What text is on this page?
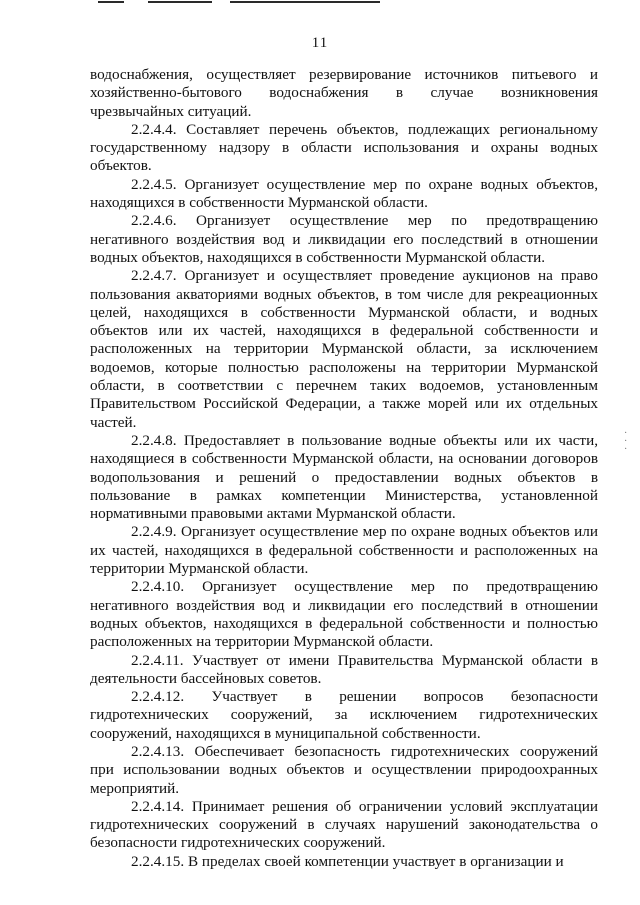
11

водоснабжения, осуществляет резервирование источников питьевого и хозяйственно-бытового водоснабжения в случае возникновения чрезвычайных ситуаций.

2.2.4.4. Составляет перечень объектов, подлежащих региональному государственному надзору в области использования и охраны водных объектов.

2.2.4.5. Организует осуществление мер по охране водных объектов, находящихся в собственности Мурманской области.

2.2.4.6. Организует осуществление мер по предотвращению негативного воздействия вод и ликвидации его последствий в отношении водных объектов, находящихся в собственности Мурманской области.

2.2.4.7. Организует и осуществляет проведение аукционов на право пользования акваториями водных объектов, в том числе для рекреационных целей, находящихся в собственности Мурманской области, и водных объектов или их частей, находящихся в федеральной собственности и расположенных на территории Мурманской области, за исключением водоемов, которые полностью расположены на территории Мурманской области, в соответствии с перечнем таких водоемов, установленным Правительством Российской Федерации, а также морей или их отдельных частей.

2.2.4.8. Предоставляет в пользование водные объекты или их части, находящиеся в собственности Мурманской области, на основании договоров водопользования и решений о предоставлении водных объектов в пользование в рамках компетенции Министерства, установленной нормативными правовыми актами Мурманской области.

2.2.4.9. Организует осуществление мер по охране водных объектов или их частей, находящихся в федеральной собственности и расположенных на территории Мурманской области.

2.2.4.10. Организует осуществление мер по предотвращению негативного воздействия вод и ликвидации его последствий в отношении водных объектов, находящихся в федеральной собственности и полностью расположенных на территории Мурманской области.

2.2.4.11. Участвует от имени Правительства Мурманской области в деятельности бассейновых советов.

2.2.4.12. Участвует в решении вопросов безопасности гидротехнических сооружений, за исключением гидротехнических сооружений, находящихся в муниципальной собственности.

2.2.4.13. Обеспечивает безопасность гидротехнических сооружений при использовании водных объектов и осуществлении природоохранных мероприятий.

2.2.4.14. Принимает решения об ограничении условий эксплуатации гидротехнических сооружений в случаях нарушений законодательства о безопасности гидротехнических сооружений.

2.2.4.15. В пределах своей компетенции участвует в организации и

·
·
·
